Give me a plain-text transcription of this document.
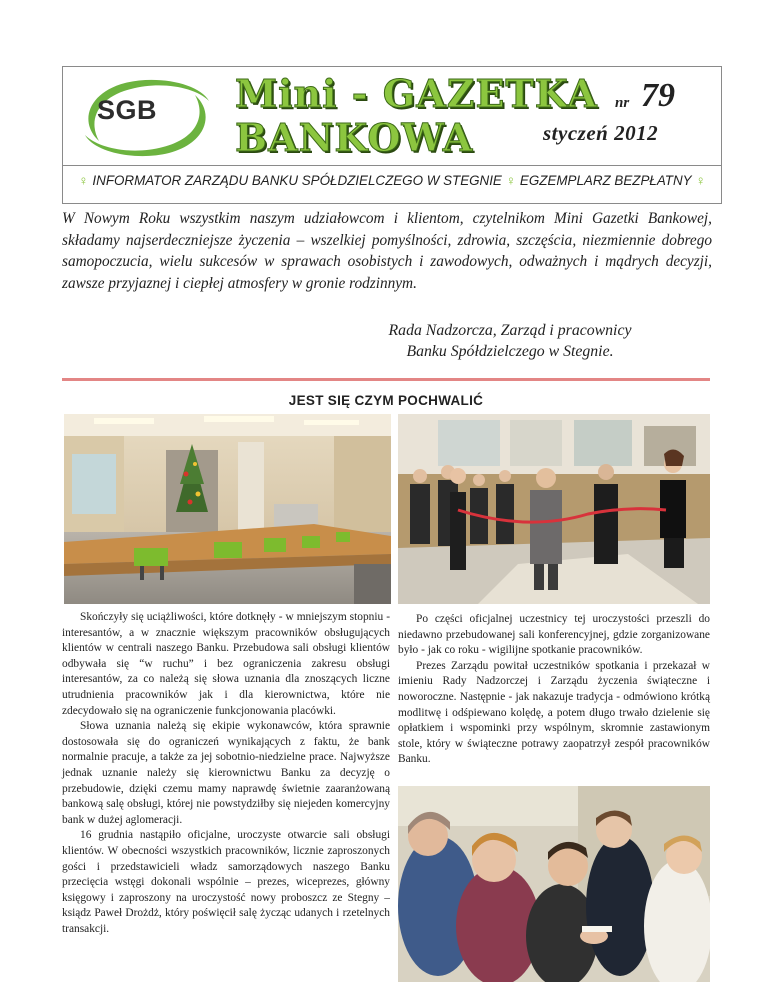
SGB Mini - GAZETKA
BANKOWA
nr 79
styczeń 2012
♀ INFORMATOR ZARZĄDU BANKU SPÓŁDZIELCZEGO W STEGNIE ♀ EGZEMPLARZ BEZPŁATNY ♀
W Nowym Roku wszystkim naszym udziałowcom i klientom, czytelnikom Mini Gazetki Bankowej, składamy najserdeczniejsze życzenia – wszelkiej pomyślności, zdrowia, szczęścia, niezmiennie dobrego samopoczucia, wielu sukcesów w sprawach osobistych i zawodowych, odważnych i mądrych decyzji, zawsze przyjaznej i ciepłej atmosfery w gronie rodzinnym.
Rada Nadzorcza, Zarząd i pracownicy
Banku Spółdzielczego w Stegnie.
JEST SIĘ CZYM POCHWALIĆ

Skończyły się uciążliwości, które dotknęły - w mniejszym stopniu - interesantów, a w znacznie większym pracowników obsługujących klientów w centrali naszego Banku. Przebudowa sali obsługi klientów odbywała się “w ruchu” i bez ograniczenia zakresu obsługi interesantów, za co należą się słowa uznania dla znoszących liczne utrudnienia pracowników jak i dla kierownictwa, które nie zdecydowało się na ograniczenie funkcjonowania placówki.

Słowa uznania należą się ekipie wykonawców, która sprawnie dostosowała się do ograniczeń wynikających z faktu, że bank normalnie pracuje, a także za jej sobotnio-niedzielne prace. Najwyższe jednak uznanie należy się kierownictwu Banku za decyzję o przebudowie, dzięki czemu mamy naprawdę świetnie zaaranżowaną bankową salę obsługi, której nie powstydziłby się niejeden komercyjny bank w dużej aglomeracji.

16 grudnia nastąpiło oficjalne, uroczyste otwarcie sali obsługi klientów. W obecności wszystkich pracowników, licznie zaproszonych gości i przedstawicieli władz samorządowych naszego Banku przecięcia wstęgi dokonali wspólnie – prezes, wiceprezes, główny księgowy i zaproszony na uroczystość nowy proboszcz ze Stegny – ksiądz Paweł Drożdż, który poświęcił salę życząc udanych i rzetelnych transakcji.

Po części oficjalnej uczestnicy tej uroczystości przeszli do niedawno przebudowanej sali konferencyjnej, gdzie zorganizowane było - jak co roku - wigilijne spotkanie pracowników.

Prezes Zarządu powitał uczestników spotkania i przekazał w imieniu Rady Nadzorczej i Zarządu życzenia świąteczne i noworoczne. Następnie - jak nakazuje tradycja - odmówiono krótką modlitwę i odśpiewano kolędę, a potem długo trwało dzielenie się opłatkiem i wspominki przy wspólnym, skromnie zastawionym stole, który w świąteczne potrawy zaopatrzył zespół pracowników Banku.
